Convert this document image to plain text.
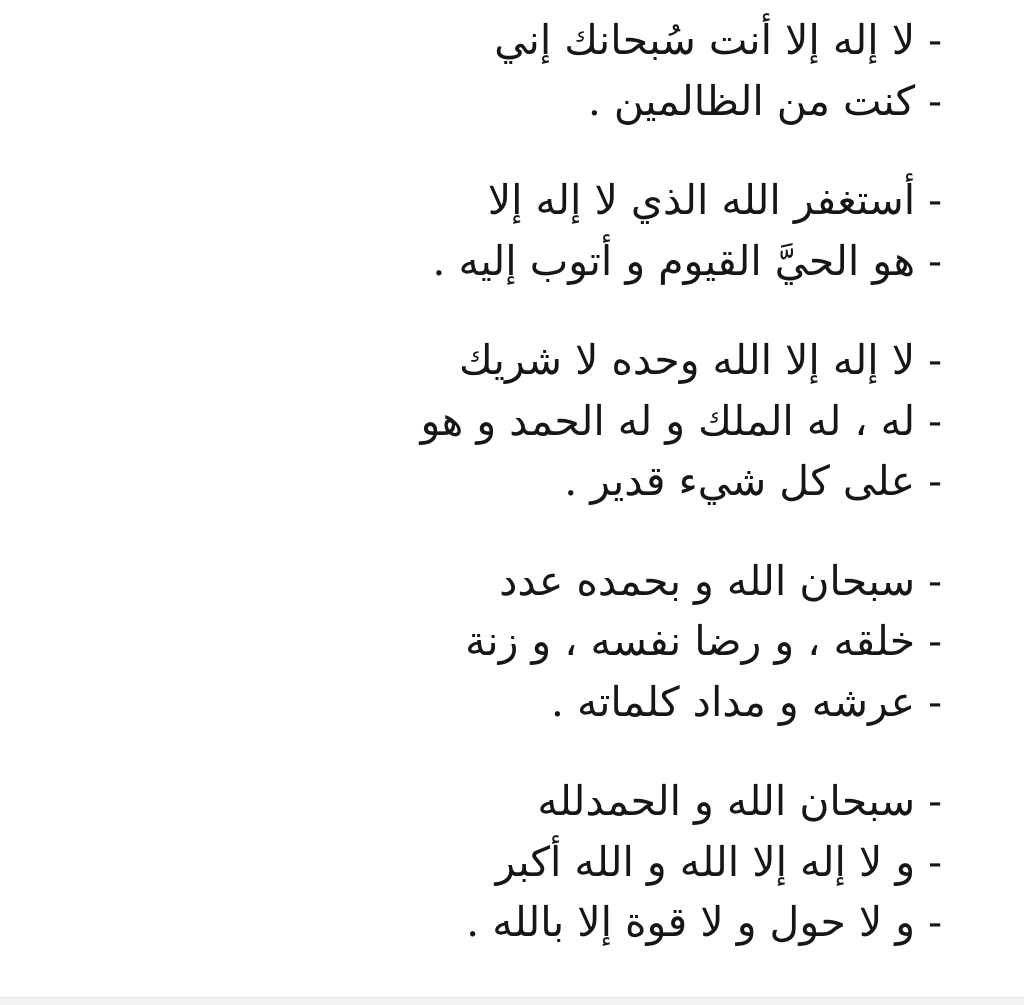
- لا إله إلا أنت سُبحانك إني
- كنت من الظالمين .
- أستغفر الله الذي لا إله إلا
- هو الحيَّ القيوم و أتوب إليه .
- لا إله إلا الله وحده لا شريك
- له ، له الملك و له الحمد و هو
- على كل شيء قدير .
- سبحان الله و بحمده عدد
- خلقه ، و رضا نفسه ، و زنة
- عرشه و مداد كلماته .
- سبحان الله و الحمدلله
- و لا إله إلا الله و الله أكبر
- و لا حول و لا قوة إلا بالله .
